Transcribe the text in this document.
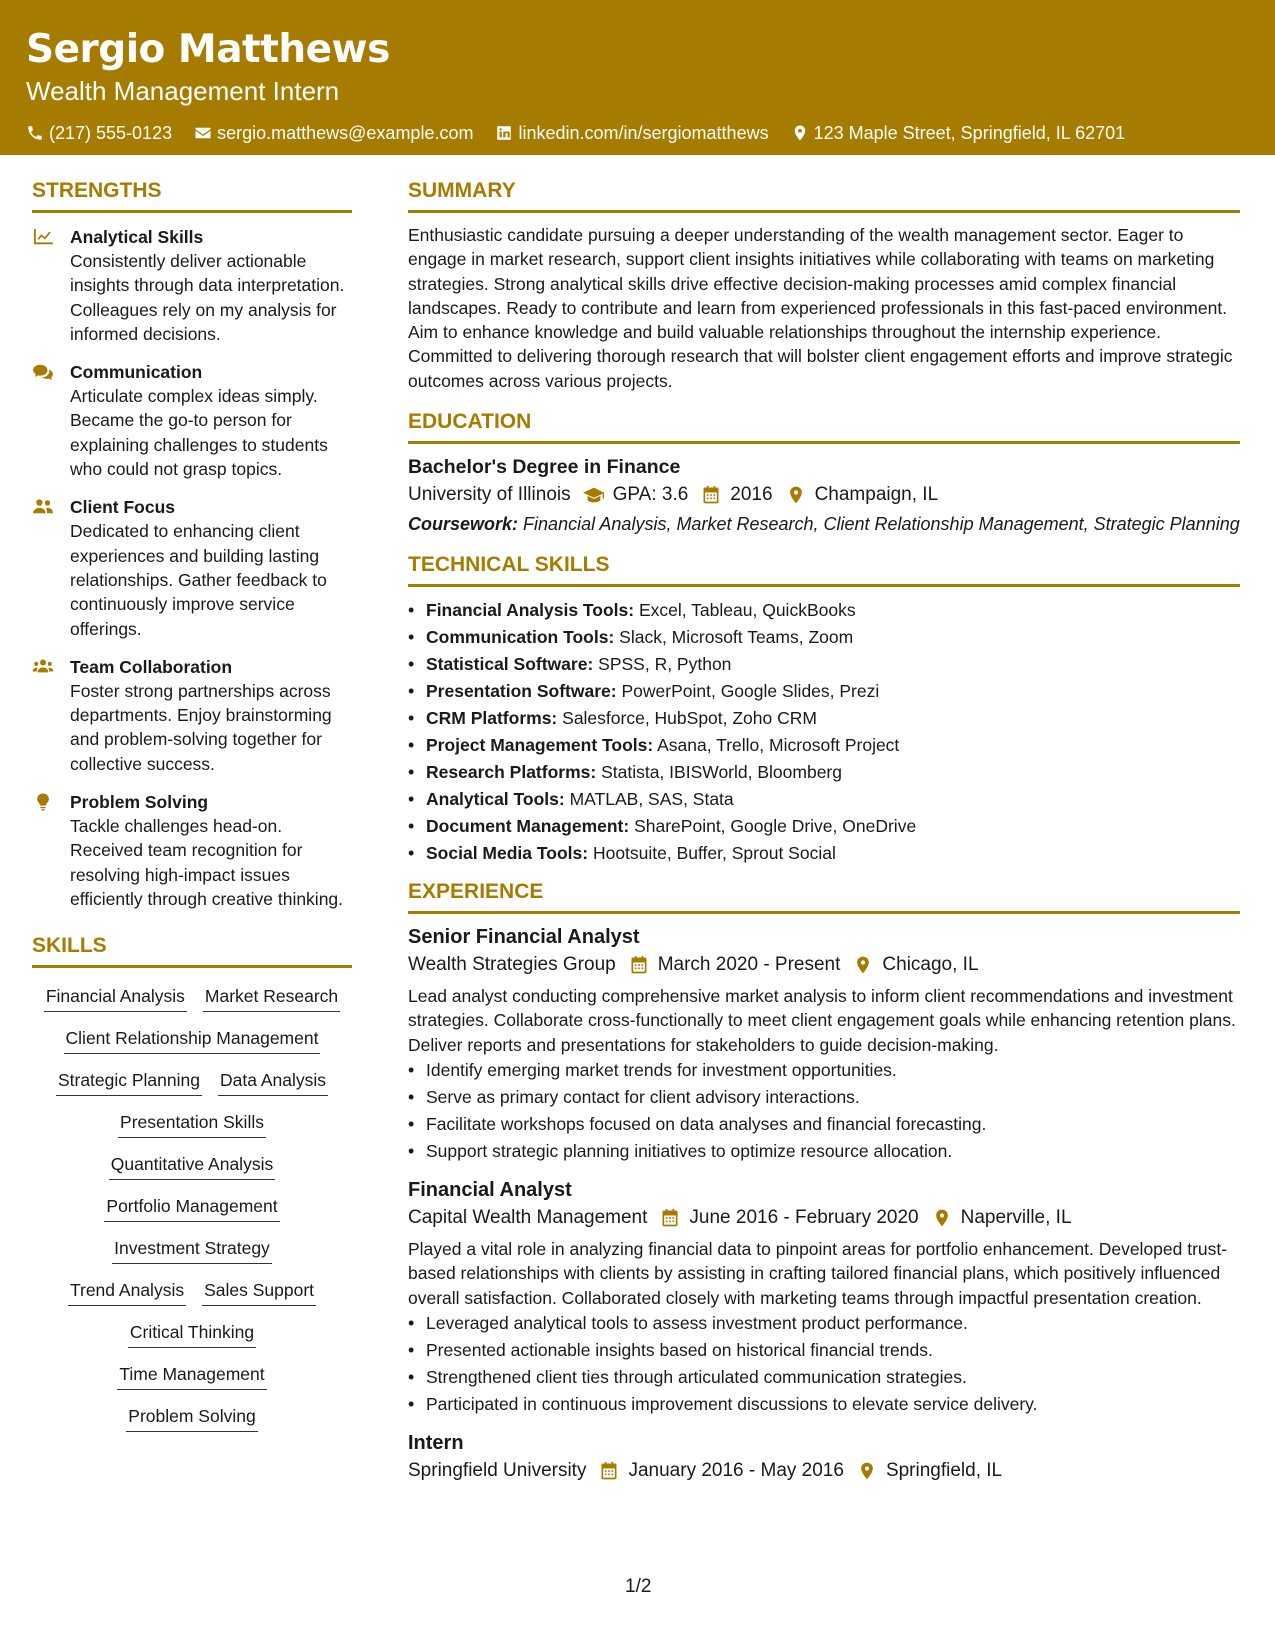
Sergio Matthews
Wealth Management Intern
(217) 555-0123	sergio.matthews@example.com	linkedin.com/in/sergiomatthews	123 Maple Street, Springfield, IL 62701
STRENGTHS
Analytical Skills
Consistently deliver actionable insights through data interpretation. Colleagues rely on my analysis for informed decisions.
Communication
Articulate complex ideas simply. Became the go-to person for explaining challenges to students who could not grasp topics.
Client Focus
Dedicated to enhancing client experiences and building lasting relationships. Gather feedback to continuously improve service offerings.
Team Collaboration
Foster strong partnerships across departments. Enjoy brainstorming and problem-solving together for collective success.
Problem Solving
Tackle challenges head-on. Received team recognition for resolving high-impact issues efficiently through creative thinking.
SKILLS
Financial Analysis Market Research
Client Relationship Management
Strategic Planning Data Analysis
Presentation Skills
Quantitative Analysis
Portfolio Management
Investment Strategy
Trend Analysis Sales Support
Critical Thinking
Time Management
Problem Solving
SUMMARY
Enthusiastic candidate pursuing a deeper understanding of the wealth management sector. Eager to engage in market research, support client insights initiatives while collaborating with teams on marketing strategies. Strong analytical skills drive effective decision-making processes amid complex financial landscapes. Ready to contribute and learn from experienced professionals in this fast-paced environment. Aim to enhance knowledge and build valuable relationships throughout the internship experience. Committed to delivering thorough research that will bolster client engagement efforts and improve strategic outcomes across various projects.
EDUCATION
Bachelor's Degree in Finance
University of Illinois GPA: 3.6 2016 Champaign, IL
Coursework: Financial Analysis, Market Research, Client Relationship Management, Strategic Planning
TECHNICAL SKILLS
• Financial Analysis Tools: Excel, Tableau, QuickBooks
• Communication Tools: Slack, Microsoft Teams, Zoom
• Statistical Software: SPSS, R, Python
• Presentation Software: PowerPoint, Google Slides, Prezi
• CRM Platforms: Salesforce, HubSpot, Zoho CRM
• Project Management Tools: Asana, Trello, Microsoft Project
• Research Platforms: Statista, IBISWorld, Bloomberg
• Analytical Tools: MATLAB, SAS, Stata
• Document Management: SharePoint, Google Drive, OneDrive
• Social Media Tools: Hootsuite, Buffer, Sprout Social
EXPERIENCE
Senior Financial Analyst
Wealth Strategies Group March 2020 - Present Chicago, IL
Lead analyst conducting comprehensive market analysis to inform client recommendations and investment strategies. Collaborate cross-functionally to meet client engagement goals while enhancing retention plans. Deliver reports and presentations for stakeholders to guide decision-making.
• Identify emerging market trends for investment opportunities.
• Serve as primary contact for client advisory interactions.
• Facilitate workshops focused on data analyses and financial forecasting.
• Support strategic planning initiatives to optimize resource allocation.
Financial Analyst
Capital Wealth Management June 2016 - February 2020 Naperville, IL
Played a vital role in analyzing financial data to pinpoint areas for portfolio enhancement. Developed trust-based relationships with clients by assisting in crafting tailored financial plans, which positively influenced overall satisfaction. Collaborated closely with marketing teams through impactful presentation creation.
• Leveraged analytical tools to assess investment product performance.
• Presented actionable insights based on historical financial trends.
• Strengthened client ties through articulated communication strategies.
• Participated in continuous improvement discussions to elevate service delivery.
Intern
Springfield University January 2016 - May 2016 Springfield, IL
1/2
